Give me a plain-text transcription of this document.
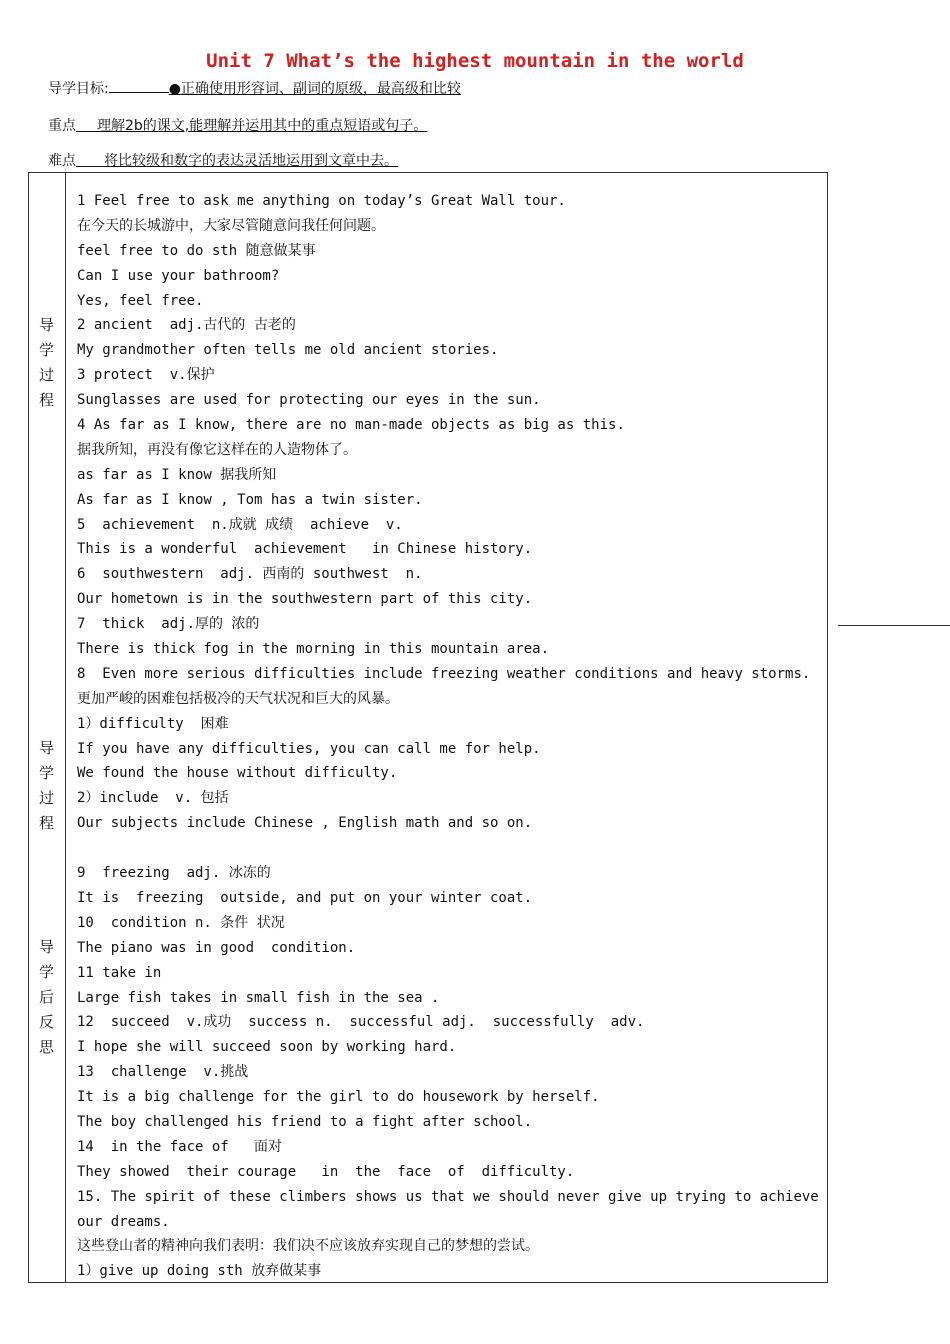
Unit 7 What’s the highest mountain in the world
导学目标:	●正确使用形容词、副词的原级，最高级和比较
重点   理解2b的课文,能理解并运用其中的重点短语或句子。
难点   将比较级和数字的表达灵活地运用到文章中去。
导
学
过
程
导
学
过
程
导
学
后
反
思
1 Feel free to ask me anything on today’s Great Wall tour.
在今天的长城游中，大家尽管随意问我任何问题。
feel free to do sth 随意做某事
Can I use your bathroom?
Yes, feel free.
2 ancient  adj.古代的 古老的
My grandmother often tells me old ancient stories.
3 protect  v.保护
Sunglasses are used for protecting our eyes in the sun.
4 As far as I know, there are no man-made objects as big as this.
据我所知，再没有像它这样在的人造物体了。
as far as I know 据我所知
As far as I know , Tom has a twin sister.
5  achievement  n.成就 成绩  achieve  v.
This is a wonderful  achievement   in Chinese history.
6  southwestern  adj. 西南的 southwest  n.
Our hometown is in the southwestern part of this city.
7  thick  adj.厚的 浓的
There is thick fog in the morning in this mountain area.
8  Even more serious difficulties include freezing weather conditions and heavy storms.
更加严峻的困难包括极冷的天气状况和巨大的风暴。
1）difficulty  困难
If you have any difficulties, you can call me for help.
We found the house without difficulty.
2）include  v. 包括
Our subjects include Chinese , English math and so on.
9  freezing  adj. 冰冻的
It is  freezing  outside, and put on your winter coat.
10  condition n. 条件 状况
The piano was in good  condition.
11 take in
Large fish takes in small fish in the sea .
12  succeed  v.成功  success n.  successful adj.  successfully  adv.
I hope she will succeed soon by working hard.
13  challenge  v.挑战
It is a big challenge for the girl to do housework by herself.
The boy challenged his friend to a fight after school.
14  in the face of   面对
They showed  their courage   in  the  face  of  difficulty.
15. The spirit of these climbers shows us that we should never give up trying to achieve
our dreams.
这些登山者的精神向我们表明：我们决不应该放弃实现自己的梦想的尝试。
1）give up doing sth 放弃做某事
